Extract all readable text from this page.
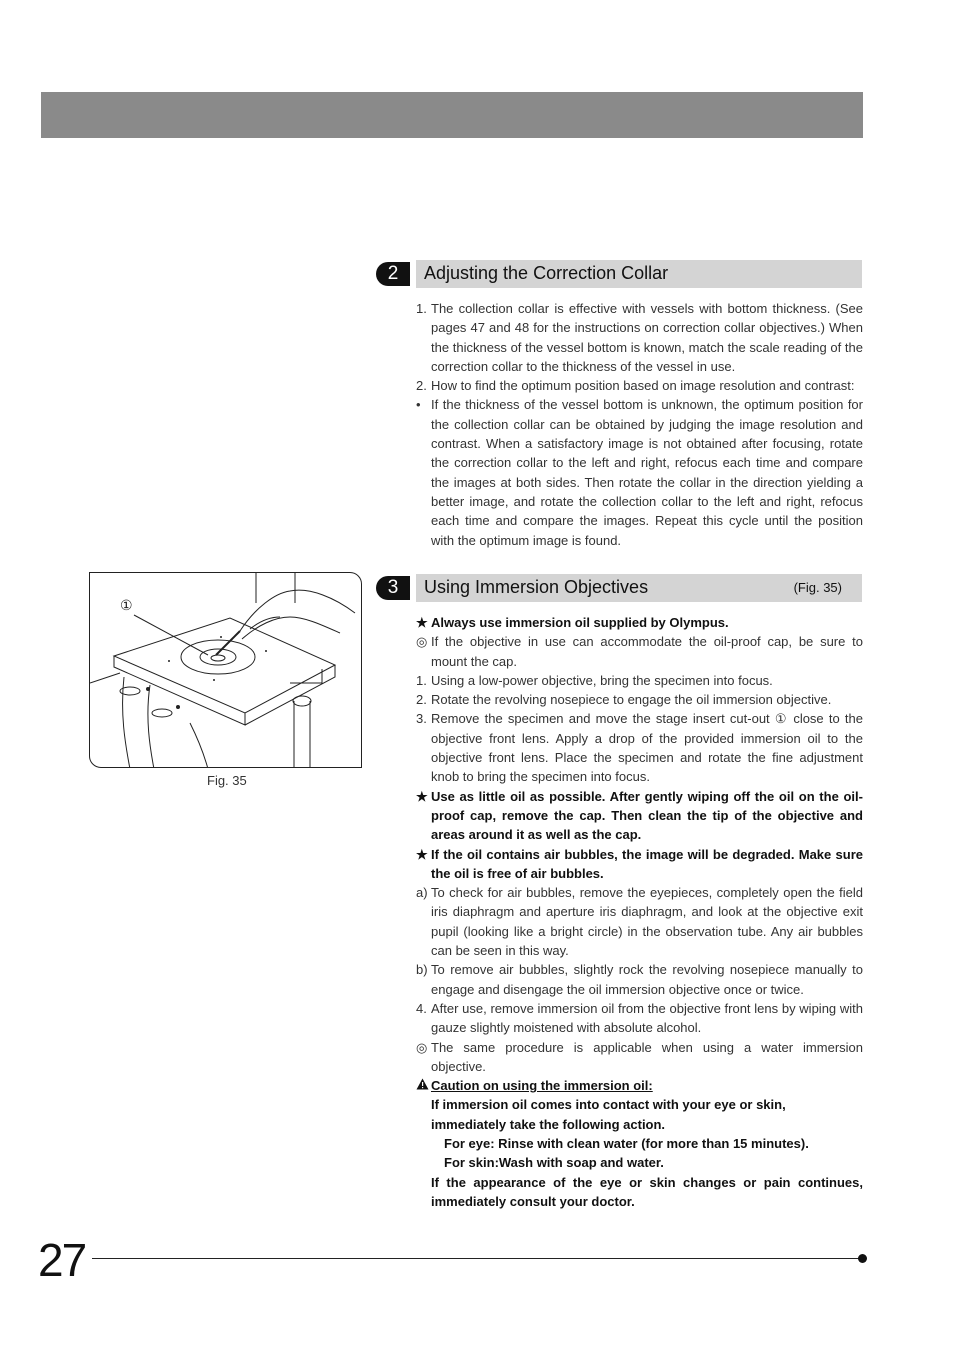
2	Adjusting the Correction Collar
1. The collection collar is effective with vessels with bottom thickness. (See pages 47 and 48 for the instructions on correction collar objectives.) When the thickness of the vessel bottom is known, match the scale reading of the correction collar to the thickness of the vessel in use.
2. How to find the optimum position based on image resolution and contrast:
• If the thickness of the vessel bottom is unknown, the optimum position for the collection collar can be obtained by judging the image resolution and contrast. When a satisfactory image is not obtained after focusing, rotate the correction collar to the left and right, refocus each time and compare the images at both sides. Then rotate the collar in the direction yielding a better image, and rotate the collection collar to the left and right, refocus each time and compare the images. Repeat this cycle until the position with the optimum image is found.
①
Fig. 35
3	Using Immersion Objectives	(Fig. 35)
★ Always use immersion oil supplied by Olympus.
◎ If the objective in use can accommodate the oil-proof cap, be sure to mount the cap.
1. Using a low-power objective, bring the specimen into focus.
2. Rotate the revolving nosepiece to engage the oil immersion objective.
3. Remove the specimen and move the stage insert cut-out ① close to the objective front lens. Apply a drop of the provided immersion oil to the objective front lens. Place the specimen and rotate the fine adjustment knob to bring the specimen into focus.
★ Use as little oil as possible. After gently wiping off the oil on the oil-proof cap, remove the cap. Then clean the tip of the objective and areas around it as well as the cap.
★ If the oil contains air bubbles, the image will be degraded. Make sure the oil is free of air bubbles.
a) To check for air bubbles, remove the eyepieces, completely open the field iris diaphragm and aperture iris diaphragm, and look at the objective exit pupil (looking like a bright circle) in the observation tube. Any air bubbles can be seen in this way.
b) To remove air bubbles, slightly rock the revolving nosepiece manually to engage and disengage the oil immersion objective once or twice.
4. After use, remove immersion oil from the objective front lens by wiping with gauze slightly moistened with absolute alcohol.
◎ The same procedure is applicable when using a water immersion objective.
Caution on using the immersion oil:
If immersion oil comes into contact with your eye or skin, immediately take the following action.
For eye: Rinse with clean water (for more than 15 minutes).
For skin:Wash with soap and water.
If the appearance of the eye or skin changes or pain continues, immediately consult your doctor.
27
